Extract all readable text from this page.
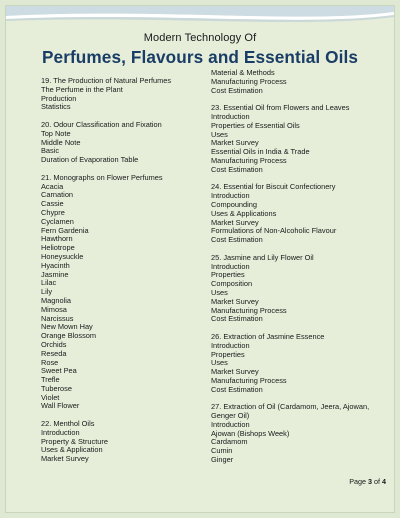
Modern Technology Of
Perfumes, Flavours and Essential Oils
19. The Production of Natural Perfumes
The Perfume in the Plant
Production
Statistics
20. Odour Classification and Fixation
Top Note
Middle Note
Basic
Duration of Evaporation Table
21. Monographs on Flower Perfumes
Acacia
Carnation
Cassie
Chypre
Cyclamen
Fern Gardenia
Hawthorn
Heliotrope
Honeysuckle
Hyacinth
Jasmine
Lilac
Lily
Magnolia
Mimosa
Narcissus
New Mown Hay
Orange Blossom
Orchids
Reseda
Rose
Sweet Pea
Trefle
Tuberose
Violet
Wall Flower
22. Menthol Oils
Introduction
Property & Structure
Uses & Application
Market Survey
Material & Methods
Manufacturing Process
Cost Estimation
23. Essential Oil from Flowers and Leaves
Introduction
Properties of Essential Oils
Uses
Market Survey
Essential Oils in India & Trade
Manufacturing Process
Cost Estimation
24. Essential for Biscuit Confectionery
Introduction
Compounding
Uses & Applications
Market Survey
Formulations of Non-Alcoholic Flavour
Cost Estimation
25. Jasmine and Lily Flower Oil
Introduction
Properties
Composition
Uses
Market Survey
Manufacturing Process
Cost Estimation
26. Extraction of Jasmine Essence
Introduction
Properties
Uses
Market Survey
Manufacturing Process
Cost Estimation
27. Extraction of Oil (Cardamom, Jeera, Ajowan, Genger Oil)
Introduction
Ajowan (Bishops Week)
Cardamom
Cumin
Ginger
Page 3 of 4
